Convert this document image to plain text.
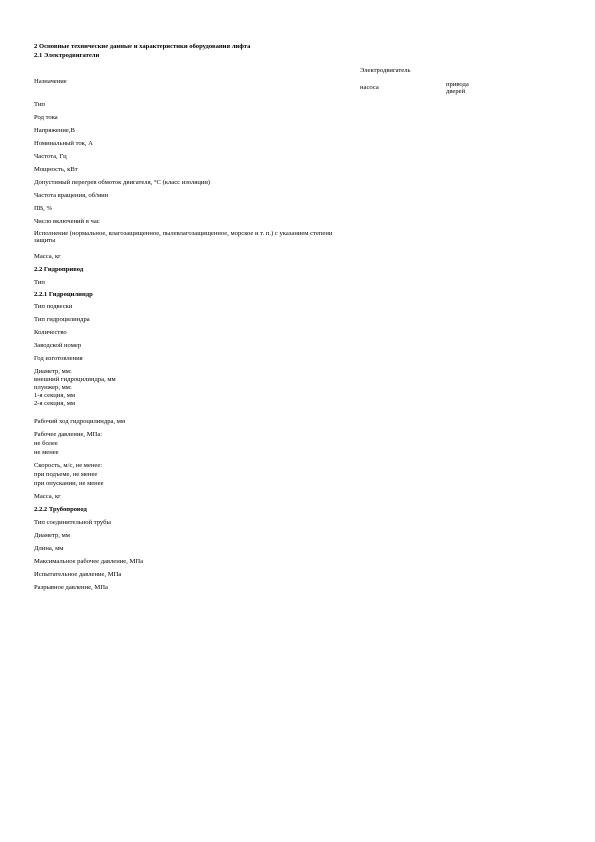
2 Основные технические данные и характеристики оборудования лифта
2.1 Электродвигатели
Электродвигатель
Назначение
насоса	привода дверей
Тип
Род тока
Напряжение,В
Номинальный ток, А
Частота, Гц
Мощность, кВт
Допустимый перегрев обмоток двигателя, °С (класс изоляции)
Частота вращения, об/мин
ПВ, %
Число включений в час
Исполнение (нормальное, влагозащищенное, пылевлагозащищенное, морское и т. п.) с указанием степени защиты
Масса, кг
2.2 Гидропривод
Тип
2.2.1 Гидроцилиндр
Тип подвески
Тип гидроцилиндра
Количество
Заводской номер
Год изготовления
Диаметр, мм:
внешний гидроцилиндра, мм
плунжер, мм:
1-я секция, мм
2-я секция, мм
Рабочий ход гидроцилиндра, мм
Рабочее давление, МПа:
не более
не менее
Скорость, м/с, не менее:
при подъеме, не менее
при опускании, не менее
Масса, кг
2.2.2 Трубопровод
Тип соединительной трубы
Диаметр, мм
Длина, мм
Максимальное рабочее давление, МПа
Испытательное давление, МПа
Разрывное давление, МПа
